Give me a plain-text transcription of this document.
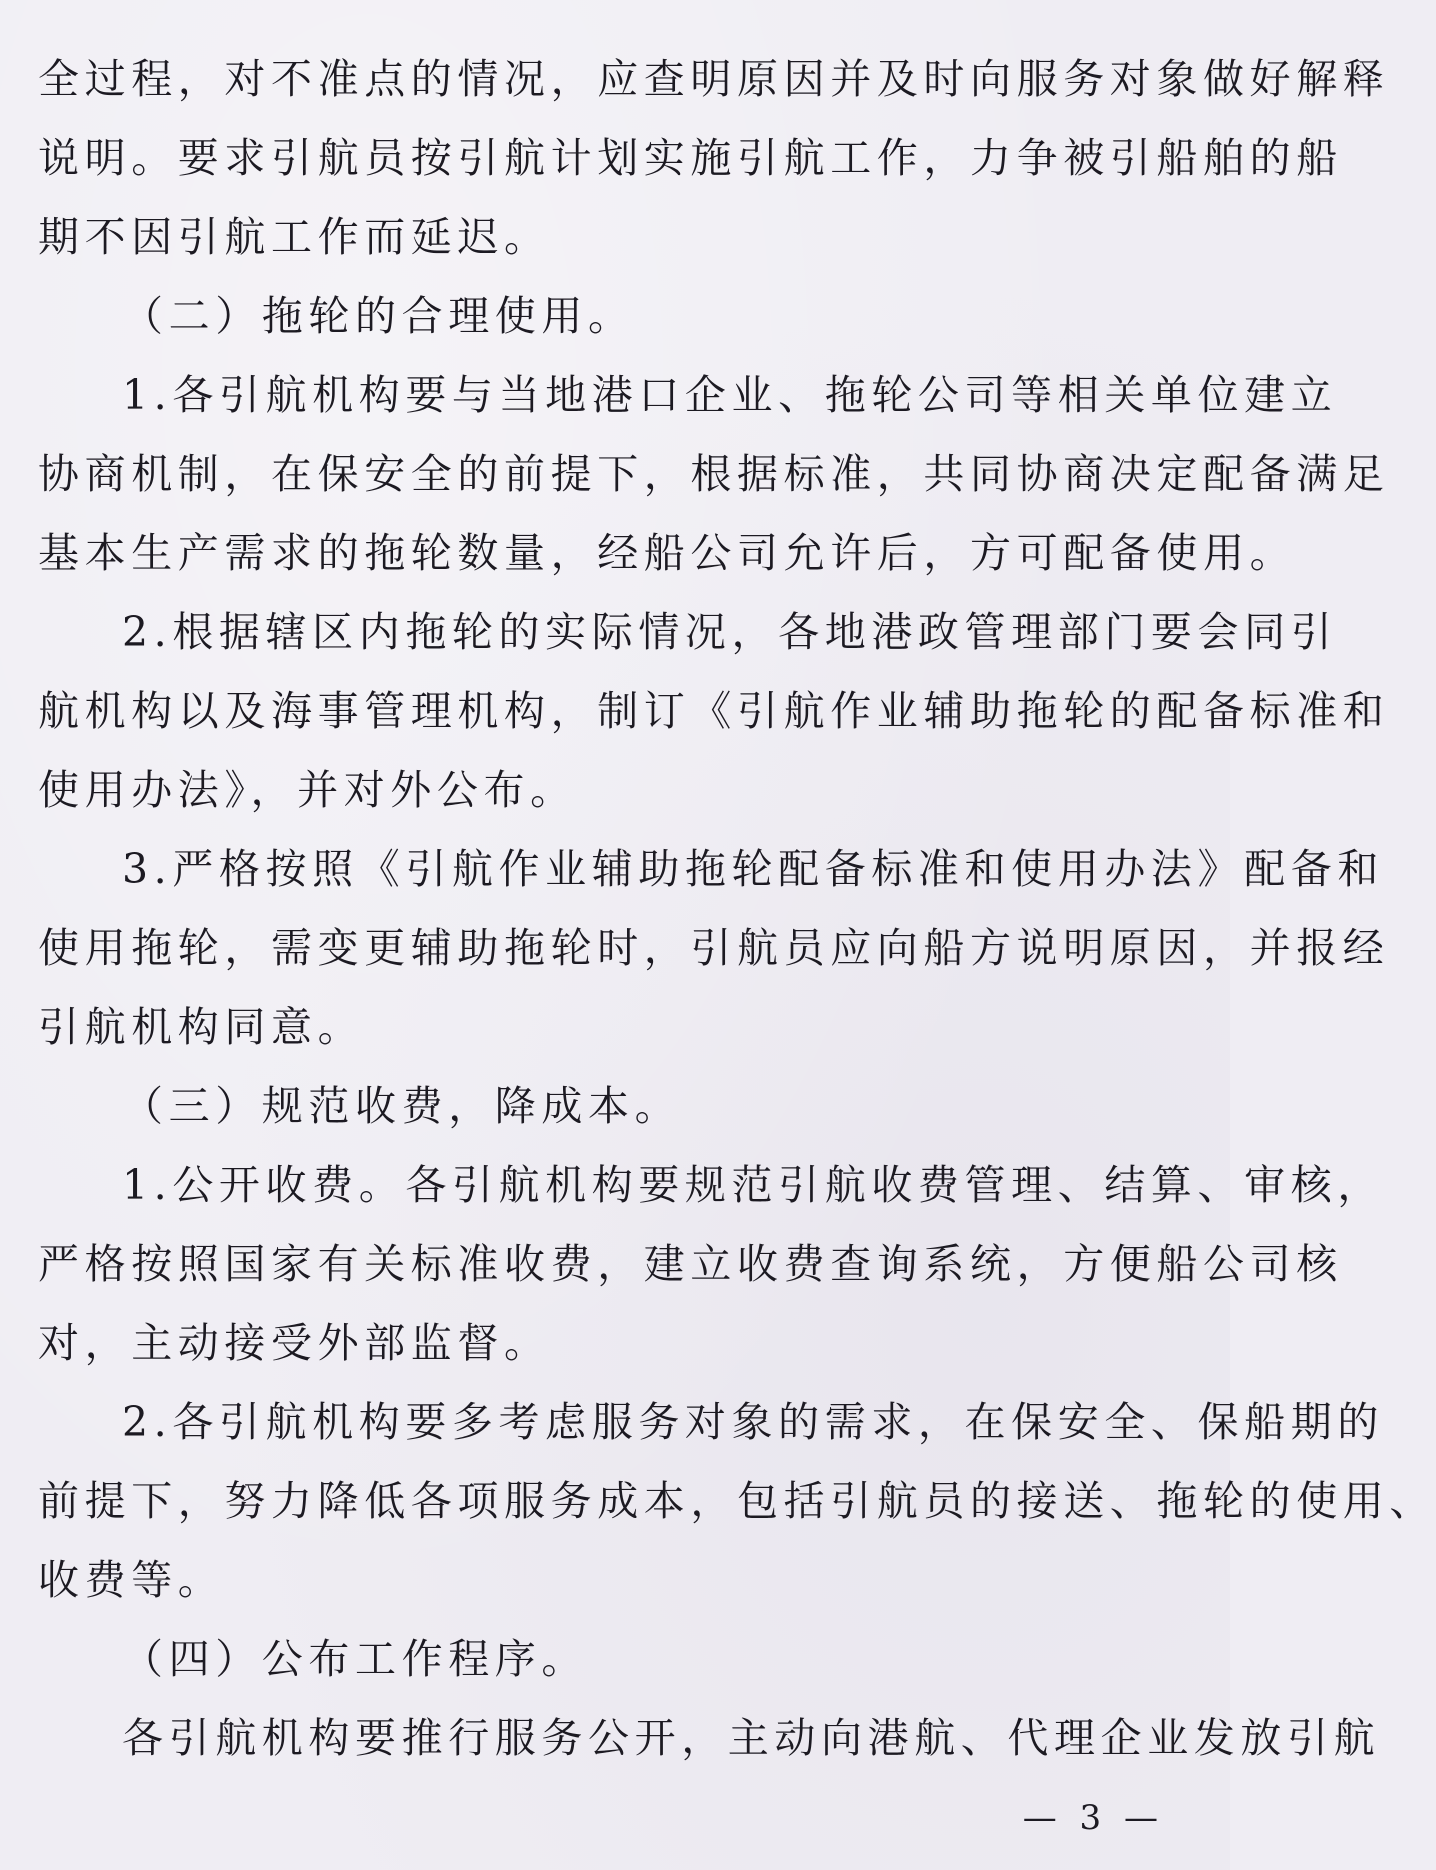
全过程，对不准点的情况，应查明原因并及时向服务对象做好解释

说明。要求引航员按引航计划实施引航工作，力争被引船舶的船

期不因引航工作而延迟。

（二）拖轮的合理使用。

1.各引航机构要与当地港口企业、拖轮公司等相关单位建立

协商机制，在保安全的前提下，根据标准，共同协商决定配备满足

基本生产需求的拖轮数量，经船公司允许后，方可配备使用。

2.根据辖区内拖轮的实际情况，各地港政管理部门要会同引

航机构以及海事管理机构，制订《引航作业辅助拖轮的配备标准和

使用办法》，并对外公布。

3.严格按照《引航作业辅助拖轮配备标准和使用办法》配备和

使用拖轮，需变更辅助拖轮时，引航员应向船方说明原因，并报经

引航机构同意。

（三）规范收费，降成本。

1.公开收费。各引航机构要规范引航收费管理、结算、审核，

严格按照国家有关标准收费，建立收费查询系统，方便船公司核

对，主动接受外部监督。

2.各引航机构要多考虑服务对象的需求，在保安全、保船期的

前提下，努力降低各项服务成本，包括引航员的接送、拖轮的使用、

收费等。

（四）公布工作程序。

各引航机构要推行服务公开，主动向港航、代理企业发放引航

— 3 —
